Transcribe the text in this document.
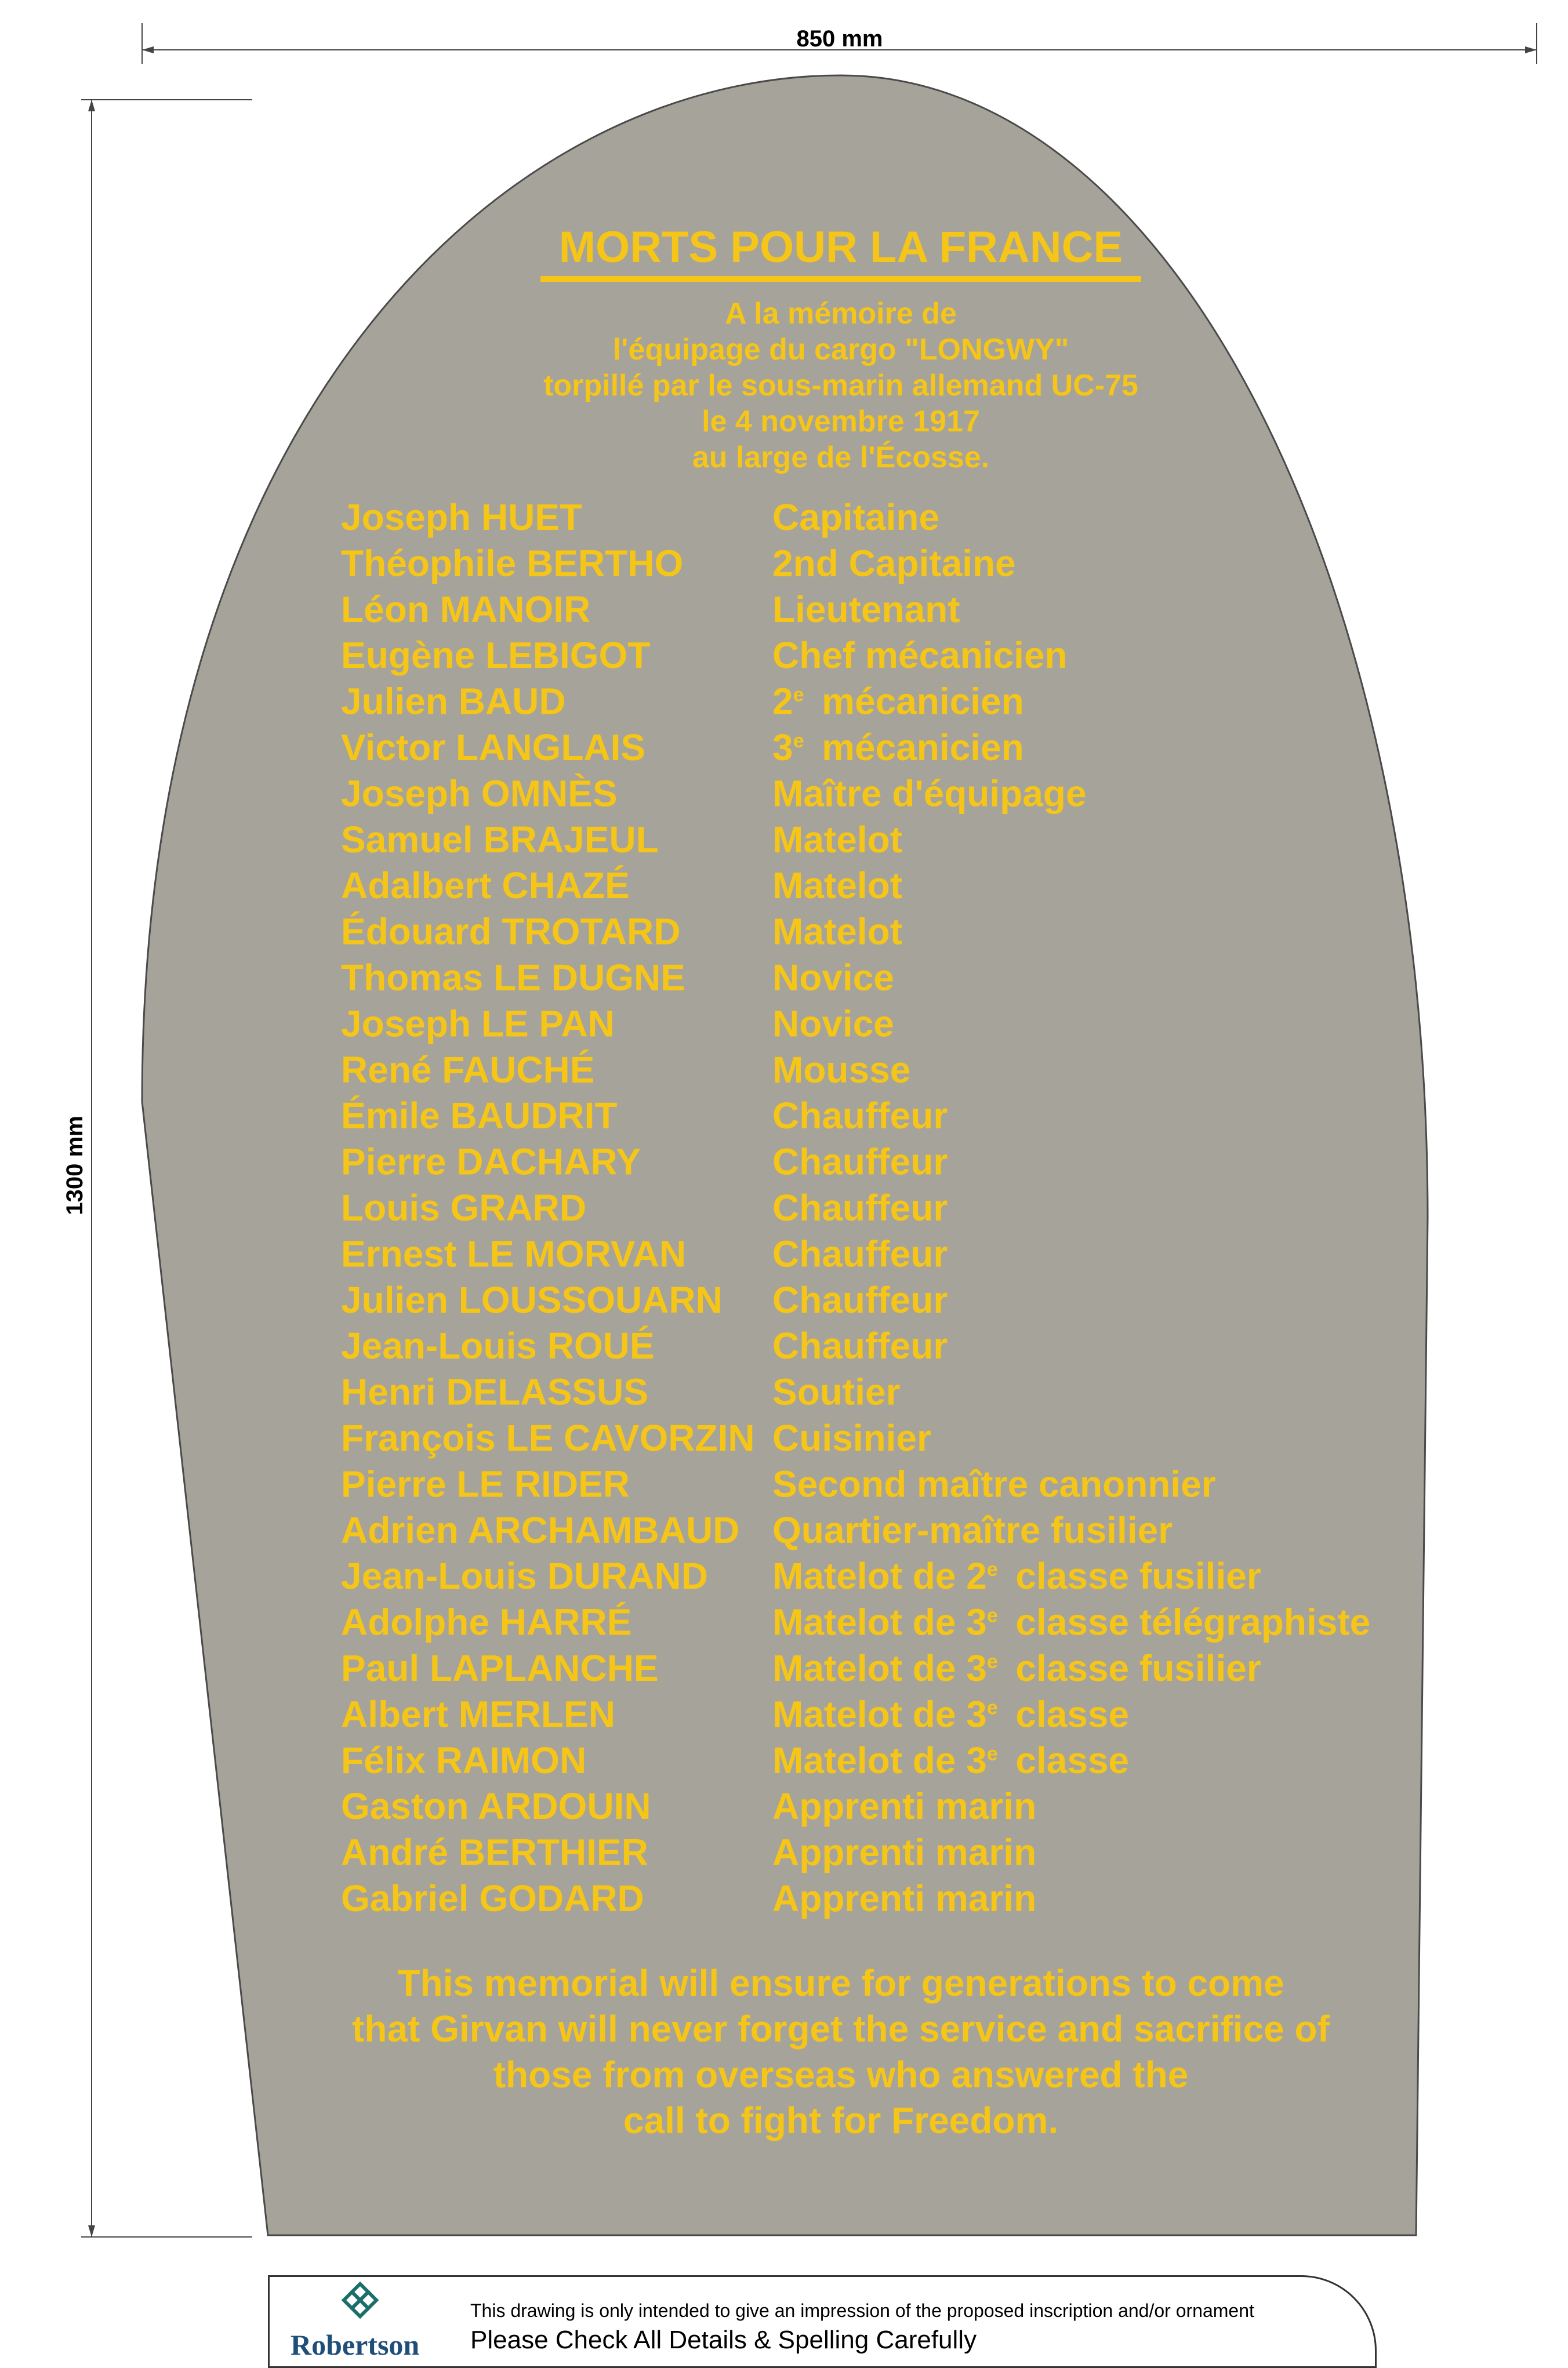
850 mm
1300 mm
MORTS POUR LA FRANCE
A la mémoire de
l'équipage du cargo "LONGWY"
torpillé par le sous-marin allemand UC-75
le 4 novembre 1917
au large de l'Écosse.
Joseph HUET	Capitaine
Théophile BERTHO 2nd Capitaine
Léon MANOIR	Lieutenant
Eugène LEBIGOT	Chef mécanicien
Julien BAUD	2e  mécanicien
Victor LANGLAIS	3e  mécanicien
Joseph OMNÈS	Maître d'équipage
Samuel BRAJEUL	Matelot
Adalbert CHAZÉ	Matelot
Édouard TROTARD Matelot
Thomas LE DUGNE Novice
Joseph LE PAN	Novice
René FAUCHÉ	Mousse
Émile BAUDRIT	Chauffeur
Pierre DACHARY	Chauffeur
Louis GRARD	Chauffeur
Ernest LE MORVAN Chauffeur
Julien LOUSSOUARN Chauffeur
Jean-Louis ROUÉ	Chauffeur
Henri DELASSUS	Soutier
François LE CAVORZIN Cuisinier
Pierre LE RIDER	Second maître canonnier
Adrien ARCHAMBAUD Quartier-maître fusilier
Jean-Louis DURAND Matelot de 2e  classe fusilier
Adolphe HARRÉ	Matelot de 3e  classe télégraphiste
Paul LAPLANCHE	Matelot de 3e  classe fusilier
Albert MERLEN	Matelot de 3e  classe
Félix RAIMON	Matelot de 3e  classe
Gaston ARDOUIN	Apprenti marin
André BERTHIER	Apprenti marin
Gabriel GODARD	Apprenti marin
This memorial will ensure for generations to come
that Girvan will never forget the service and sacrifice of
those from overseas who answered the
call to fight for Freedom.
Robertson
This drawing is only intended to give an impression of the proposed inscription and/or ornament
Please Check All Details & Spelling Carefully
